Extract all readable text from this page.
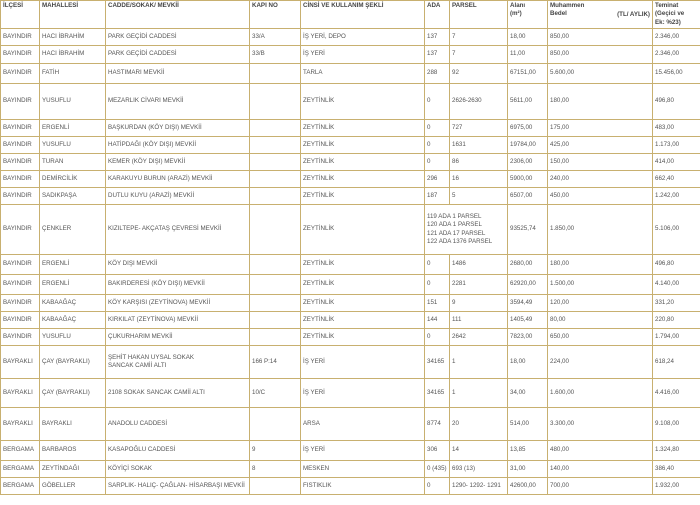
İLÇESİ	MAHALLESİ	CADDE/SOKAK/ MEVKİİ	KAPI NO	CİNSİ VE KULLANIM ŞEKLİ	ADA	PARSEL	Alanı
(m²)	Muhammen
Bedel (TL/ AYLIK)	Teminat (Geçici ve
Ek: %23)
BAYINDIR	HACI İBRAHİM	PARK GEÇİDİ CADDESİ	33/A	İŞ YERİ, DEPO	137	7	18,00	850,00	2.346,00
BAYINDIR	HACI İBRAHİM	PARK GEÇİDİ CADDESİ	33/B	İŞ YERİ	137	7	11,00	850,00	2.346,00
BAYINDIR	FATİH	HASTIMARI MEVKİİ		TARLA	288	92	67151,00	5.600,00	15.456,00
BAYINDIR	YUSUFLU	MEZARLIK CİVARI MEVKİİ		ZEYTİNLİK	0	2626-2630	5611,00	180,00	496,80
BAYINDIR	ERGENLİ	BAŞKURDAN (KÖY DIŞI) MEVKİİ		ZEYTİNLİK	0	727	6975,00	175,00	483,00
BAYINDIR	YUSUFLU	HATİPDAĞI (KÖY DIŞI) MEVKİİ		ZEYTİNLİK	0	1631	19784,00	425,00	1.173,00
BAYINDIR	TURAN	KEMER (KÖY DIŞI) MEVKİİ		ZEYTİNLİK	0	86	2306,00	150,00	414,00
BAYINDIR	DEMİRCİLİK	KARAKUYU BURUN (ARAZİ) MEVKİİ		ZEYTİNLİK	296	16	5900,00	240,00	662,40
BAYINDIR	SADIKPAŞA	DUTLU KUYU (ARAZİ) MEVKİİ		ZEYTİNLİK	187	5	6507,00	450,00	1.242,00
BAYINDIR	ÇENKLER	KIZILTEPE- AKÇATAŞ ÇEVRESİ MEVKİİ		ZEYTİNLİK	119 ADA 1 PARSEL
120 ADA 1 PARSEL
121 ADA 17 PARSEL
122 ADA 1376 PARSEL		93525,74	1.850,00	5.106,00
BAYINDIR	ERGENLİ	KÖY DIŞI MEVKİİ		ZEYTİNLİK	0	1486	2680,00	180,00	496,80
BAYINDIR	ERGENLİ	BAKIRDERESİ (KÖY DIŞI) MEVKİİ		ZEYTİNLİK	0	2281	62920,00	1.500,00	4.140,00
BAYINDIR	KABAAĞAÇ	KÖY KARŞISI (ZEYTİNOVA) MEVKİİ		ZEYTİNLİK	151	9	3594,49	120,00	331,20
BAYINDIR	KABAAĞAÇ	KIRKILAT (ZEYTİNOVA) MEVKİİ		ZEYTİNLİK	144	111	1405,49	80,00	220,80
BAYINDIR	YUSUFLU	ÇUKURHARIM MEVKİİ		ZEYTİNLİK	0	2642	7823,00	650,00	1.794,00
BAYRAKLI	ÇAY (BAYRAKLI)	ŞEHİT HAKAN UYSAL SOKAK
SANCAK CAMİİ ALTI	166 P:14	İŞ YERİ	34165	1	18,00	224,00	618,24
BAYRAKLI	ÇAY (BAYRAKLI)	2108 SOKAK SANCAK CAMİİ ALTI	10/C	İŞ YERİ	34165	1	34,00	1.600,00	4.416,00
BAYRAKLI	BAYRAKLI	ANADOLU CADDESİ		ARSA	8774	20	514,00	3.300,00	9.108,00
BERGAMA	BARBAROS	KASAPOĞLU CADDESİ	9	İŞ YERİ	306	14	13,85	480,00	1.324,80
BERGAMA	ZEYTİNDAĞI	KÖYİÇİ SOKAK	8	MESKEN	0 (435)	693 (13)	31,00	140,00	386,40
BERGAMA	GÖBELLER	SARPLIK- HALIÇ- ÇAĞLAN- HİSARBAŞI MEVKİİ		FISTIKLIK	0	1290- 1292- 1291	42600,00	700,00	1.932,00
